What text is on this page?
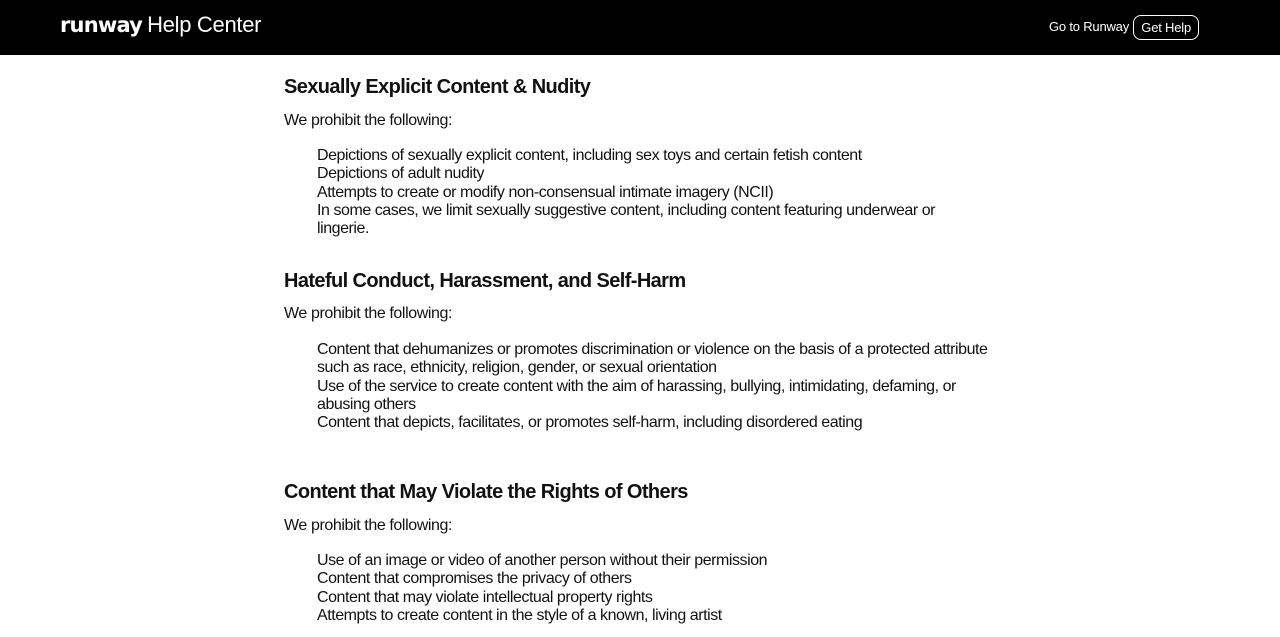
runway Help Center	Go to Runway Get Help
Sexually Explicit Content & Nudity

We prohibit the following:

Depictions of sexually explicit content, including sex toys and certain fetish content
Depictions of adult nudity
Attempts to create or modify non-consensual intimate imagery (NCII)
In some cases, we limit sexually suggestive content, including content featuring underwear or lingerie.
Hateful Conduct, Harassment, and Self-Harm

We prohibit the following:

Content that dehumanizes or promotes discrimination or violence on the basis of a protected attribute such as race, ethnicity, religion, gender, or sexual orientation
Use of the service to create content with the aim of harassing, bullying, intimidating, defaming, or abusing others
Content that depicts, facilitates, or promotes self-harm, including disordered eating
Content that May Violate the Rights of Others

We prohibit the following:

Use of an image or video of another person without their permission
Content that compromises the privacy of others
Content that may violate intellectual property rights
Attempts to create content in the style of a known, living artist
